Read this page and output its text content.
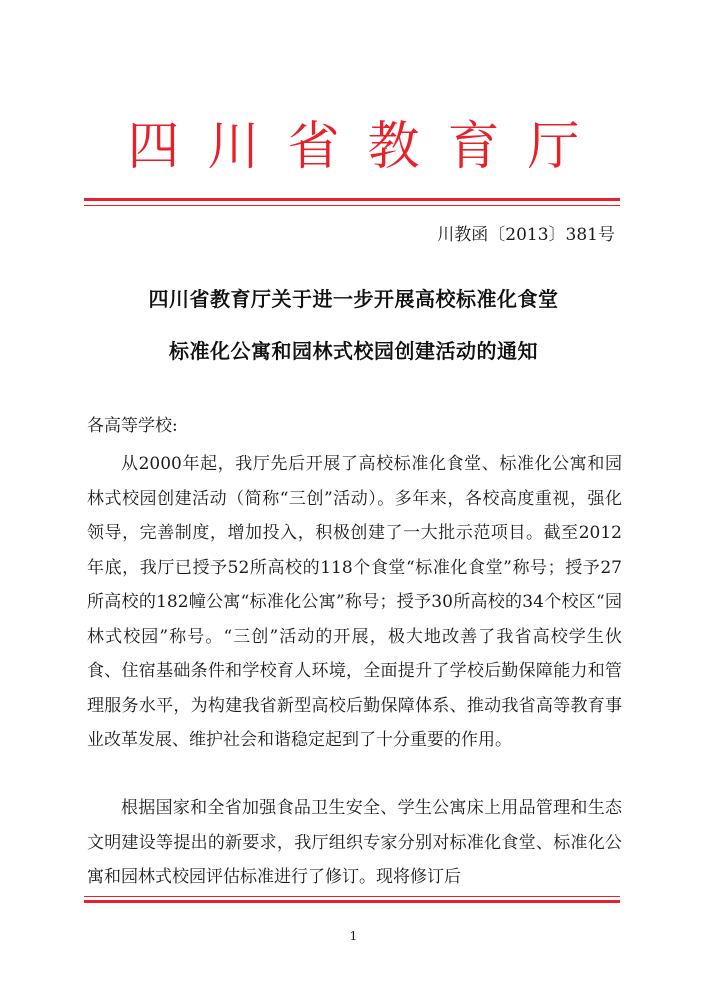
四川省教育厅
川教函〔2013〕381号
四川省教育厅关于进一步开展高校标准化食堂
标准化公寓和园林式校园创建活动的通知
各高等学校:

从2000年起，我厅先后开展了高校标准化食堂、标准化公寓和园林式校园创建活动（简称“三创”活动）。多年来，各校高度重视，强化领导，完善制度，增加投入，积极创建了一大批示范项目。截至2012年底，我厅已授予52所高校的118个食堂“标准化食堂”称号；授予27所高校的182幢公寓“标准化公寓”称号；授予30所高校的34个校区“园林式校园”称号。“三创”活动的开展，极大地改善了我省高校学生伙食、住宿基础条件和学校育人环境，全面提升了学校后勤保障能力和管理服务水平，为构建我省新型高校后勤保障体系、推动我省高等教育事业改革发展、维护社会和谐稳定起到了十分重要的作用。

根据国家和全省加强食品卫生安全、学生公寓床上用品管理和生态文明建设等提出的新要求，我厅组织专家分别对标准化食堂、标准化公寓和园林式校园评估标准进行了修订。现将修订后

1
